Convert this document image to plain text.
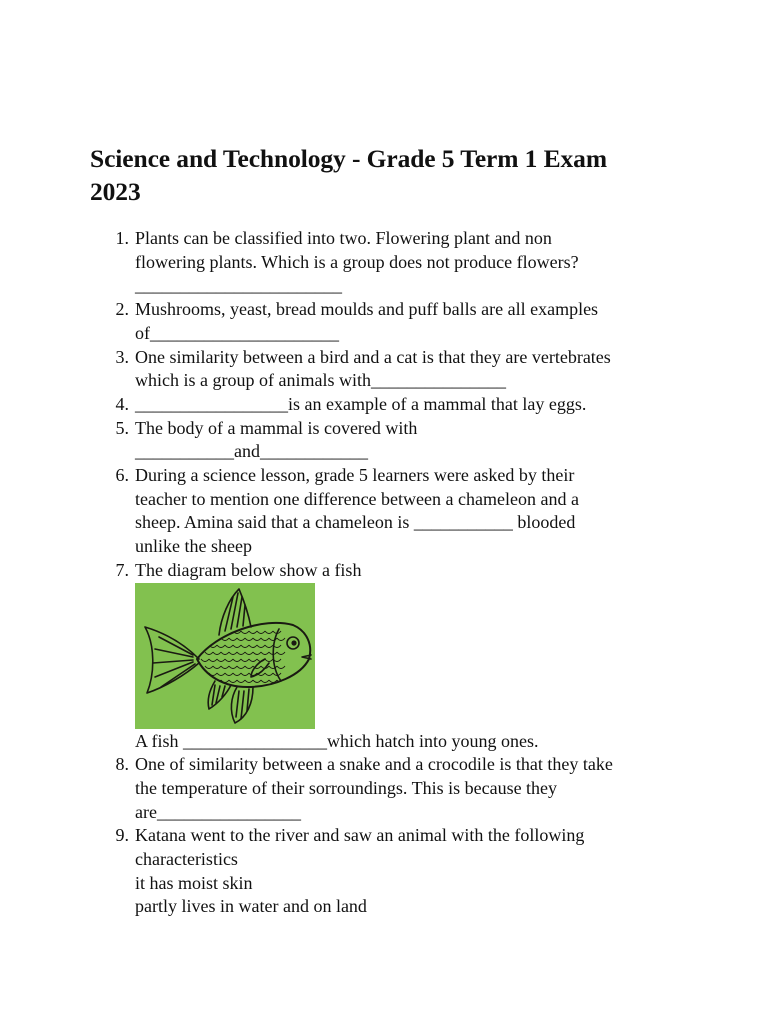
Science and Technology - Grade 5 Term 1 Exam
2023
1. Plants can be classified into two. Flowering plant and non
flowering plants. Which is a group does not produce flowers?
_______________________
2. Mushrooms, yeast, bread moulds and puff balls are all examples
of_____________________
3. One similarity between a bird and a cat is that they are vertebrates
which is a group of animals with_______________
4. _________________is an example of a mammal that lay eggs.
5. The body of a mammal is covered with
___________and____________
6. During a science lesson, grade 5 learners were asked by their
teacher to mention one difference between a chameleon and a
sheep. Amina said that a chameleon is ___________ blooded
unlike the sheep
7. The diagram below show a fish
A fish ________________which hatch into young ones.
8. One of similarity between a snake and a crocodile is that they take
the temperature of their sorroundings. This is because they
are________________
9. Katana went to the river and saw an animal with the following
characteristics
it has moist skin
partly lives in water and on land
